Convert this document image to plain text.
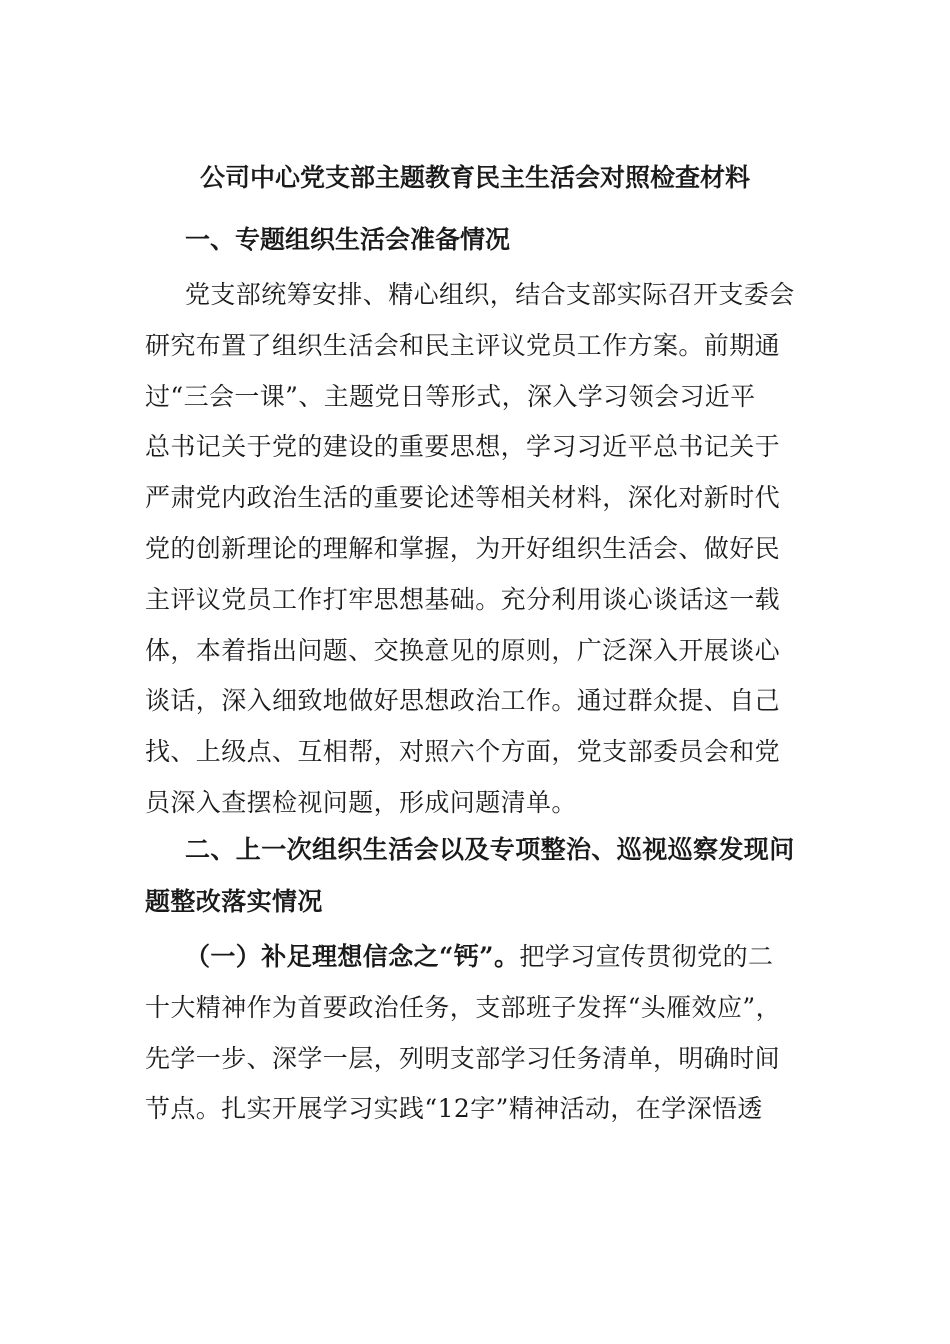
公司中心党支部主题教育民主生活会对照检查材料
一、专题组织生活会准备情况

党支部统筹安排、精心组织，结合支部实际召开支委会
研究布置了组织生活会和民主评议党员工作方案。前期通
过“三会一课”、主题党日等形式，深入学习领会习近平
总书记关于党的建设的重要思想，学习习近平总书记关于
严肃党内政治生活的重要论述等相关材料，深化对新时代
党的创新理论的理解和掌握，为开好组织生活会、做好民
主评议党员工作打牢思想基础。充分利用谈心谈话这一载
体，本着指出问题、交换意见的原则，广泛深入开展谈心
谈话，深入细致地做好思想政治工作。通过群众提、自己
找、上级点、互相帮，对照六个方面，党支部委员会和党
员深入查摆检视问题，形成问题清单。

二、上一次组织生活会以及专项整治、巡视巡察发现问
题整改落实情况

（一）补足理想信念之“钙”。把学习宣传贯彻党的二
十大精神作为首要政治任务，支部班子发挥“头雁效应”，
先学一步、深学一层，列明支部学习任务清单，明确时间
节点。扎实开展学习实践“12字”精神活动，在学深悟透
